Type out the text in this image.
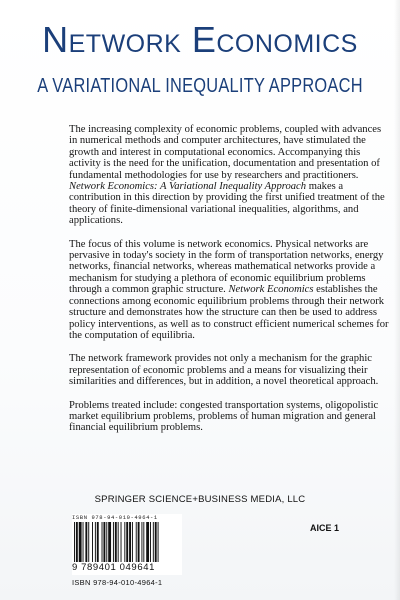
Network Economics
A VARIATIONAL INEQUALITY APPROACH

The increasing complexity of economic problems, coupled with advances in numerical methods and computer architectures, have stimulated the growth and interest in computational economics. Accompanying this activity is the need for the unification, documentation and presentation of fundamental methodologies for use by researchers and practitioners. Network Economics: A Variational Inequality Approach makes a contribution in this direction by providing the first unified treatment of the theory of finite-dimensional variational inequalities, algorithms, and applications.

The focus of this volume is network economics. Physical networks are pervasive in today's society in the form of transportation networks, energy networks, financial networks, whereas mathematical networks provide a mechanism for studying a plethora of economic equilibrium problems through a common graphic structure. Network Economics establishes the connections among economic equilibrium problems through their network structure and demonstrates how the structure can then be used to address policy interventions, as well as to construct efficient numerical schemes for the computation of equilibria.

The network framework provides not only a mechanism for the graphic representation of economic problems and a means for visualizing their similarities and differences, but in addition, a novel theoretical approach.

Problems treated include: congested transportation systems, oligopolistic market equilibrium problems, problems of human migration and general financial equilibrium problems.

SPRINGER SCIENCE+BUSINESS MEDIA, LLC
ISBN 978-94-010-4964-1
9 789401 049641
ISBN 978-94-010-4964-1
AICE 1
